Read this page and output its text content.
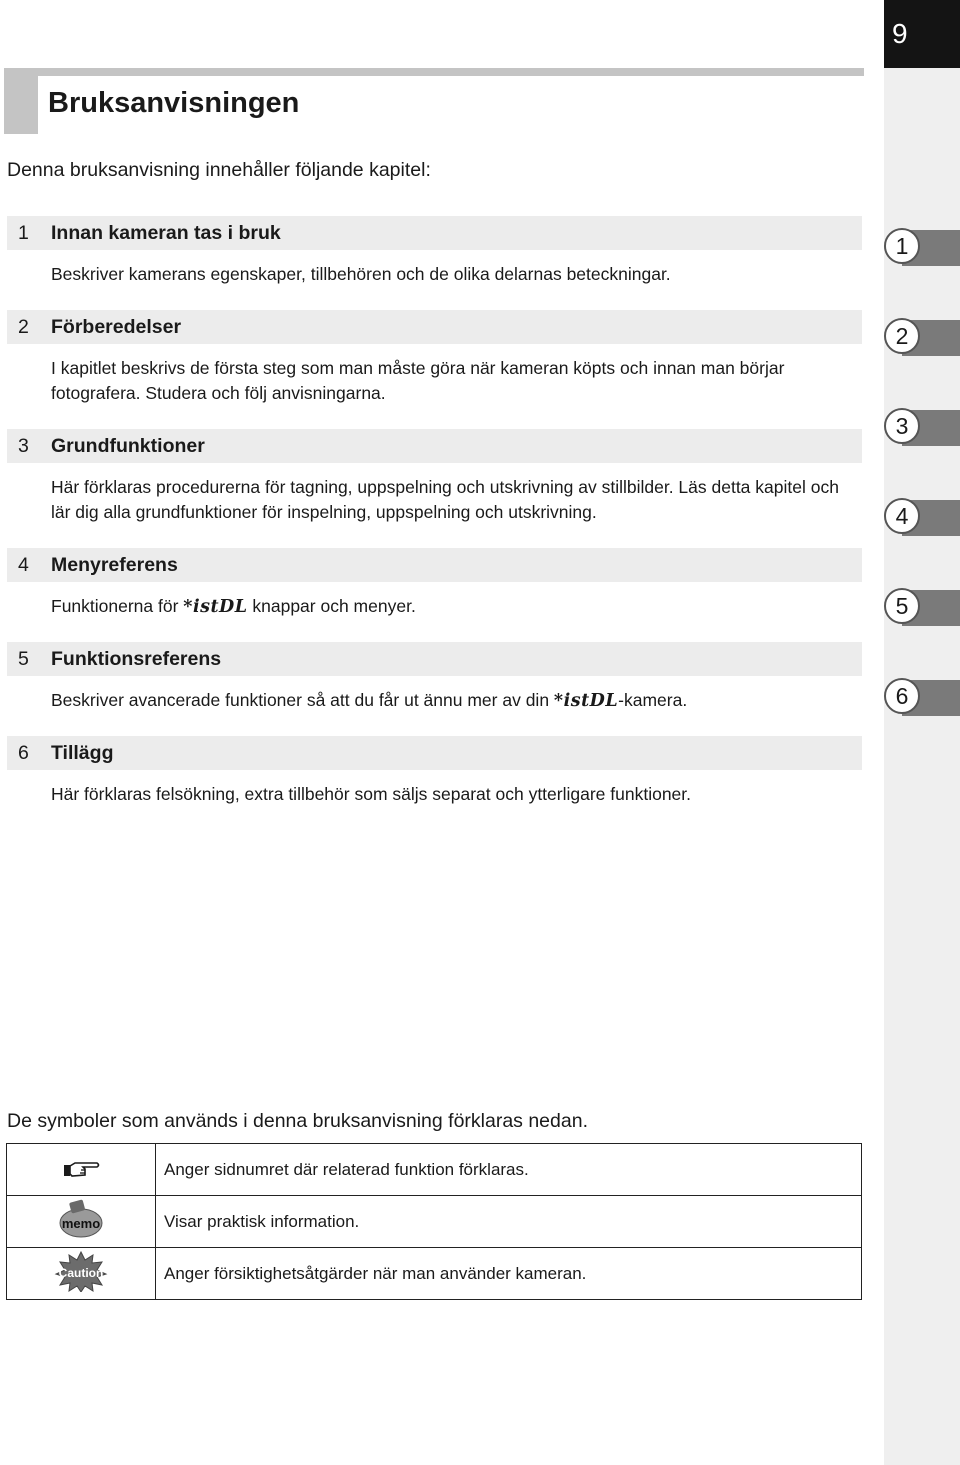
9
Bruksanvisningen
Denna bruksanvisning innehåller följande kapitel:
1 Innan kameran tas i bruk
Beskriver kamerans egenskaper, tillbehören och de olika delarnas beteckningar.
2 Förberedelser
I kapitlet beskrivs de första steg som man måste göra när kameran köpts och innan man börjar fotografera. Studera och följ anvisningarna.
3 Grundfunktioner
Här förklaras procedurerna för tagning, uppspelning och utskrivning av stillbilder. Läs detta kapitel och lär dig alla grundfunktioner för inspelning, uppspelning och utskrivning.
4 Menyreferens
Funktionerna för *istDL knappar och menyer.
5 Funktionsreferens
Beskriver avancerade funktioner så att du får ut ännu mer av din *istDL-kamera.
6 Tillägg
Här förklaras felsökning, extra tillbehör som säljs separat och ytterligare funktioner.
1
2
3
4
5
6
De symboler som används i denna bruksanvisning förklaras nedan.
	Anger sidnumret där relaterad funktion förklaras.

memo	Visar praktisk information.

Caution	Anger försiktighetsåtgärder när man använder kameran.
